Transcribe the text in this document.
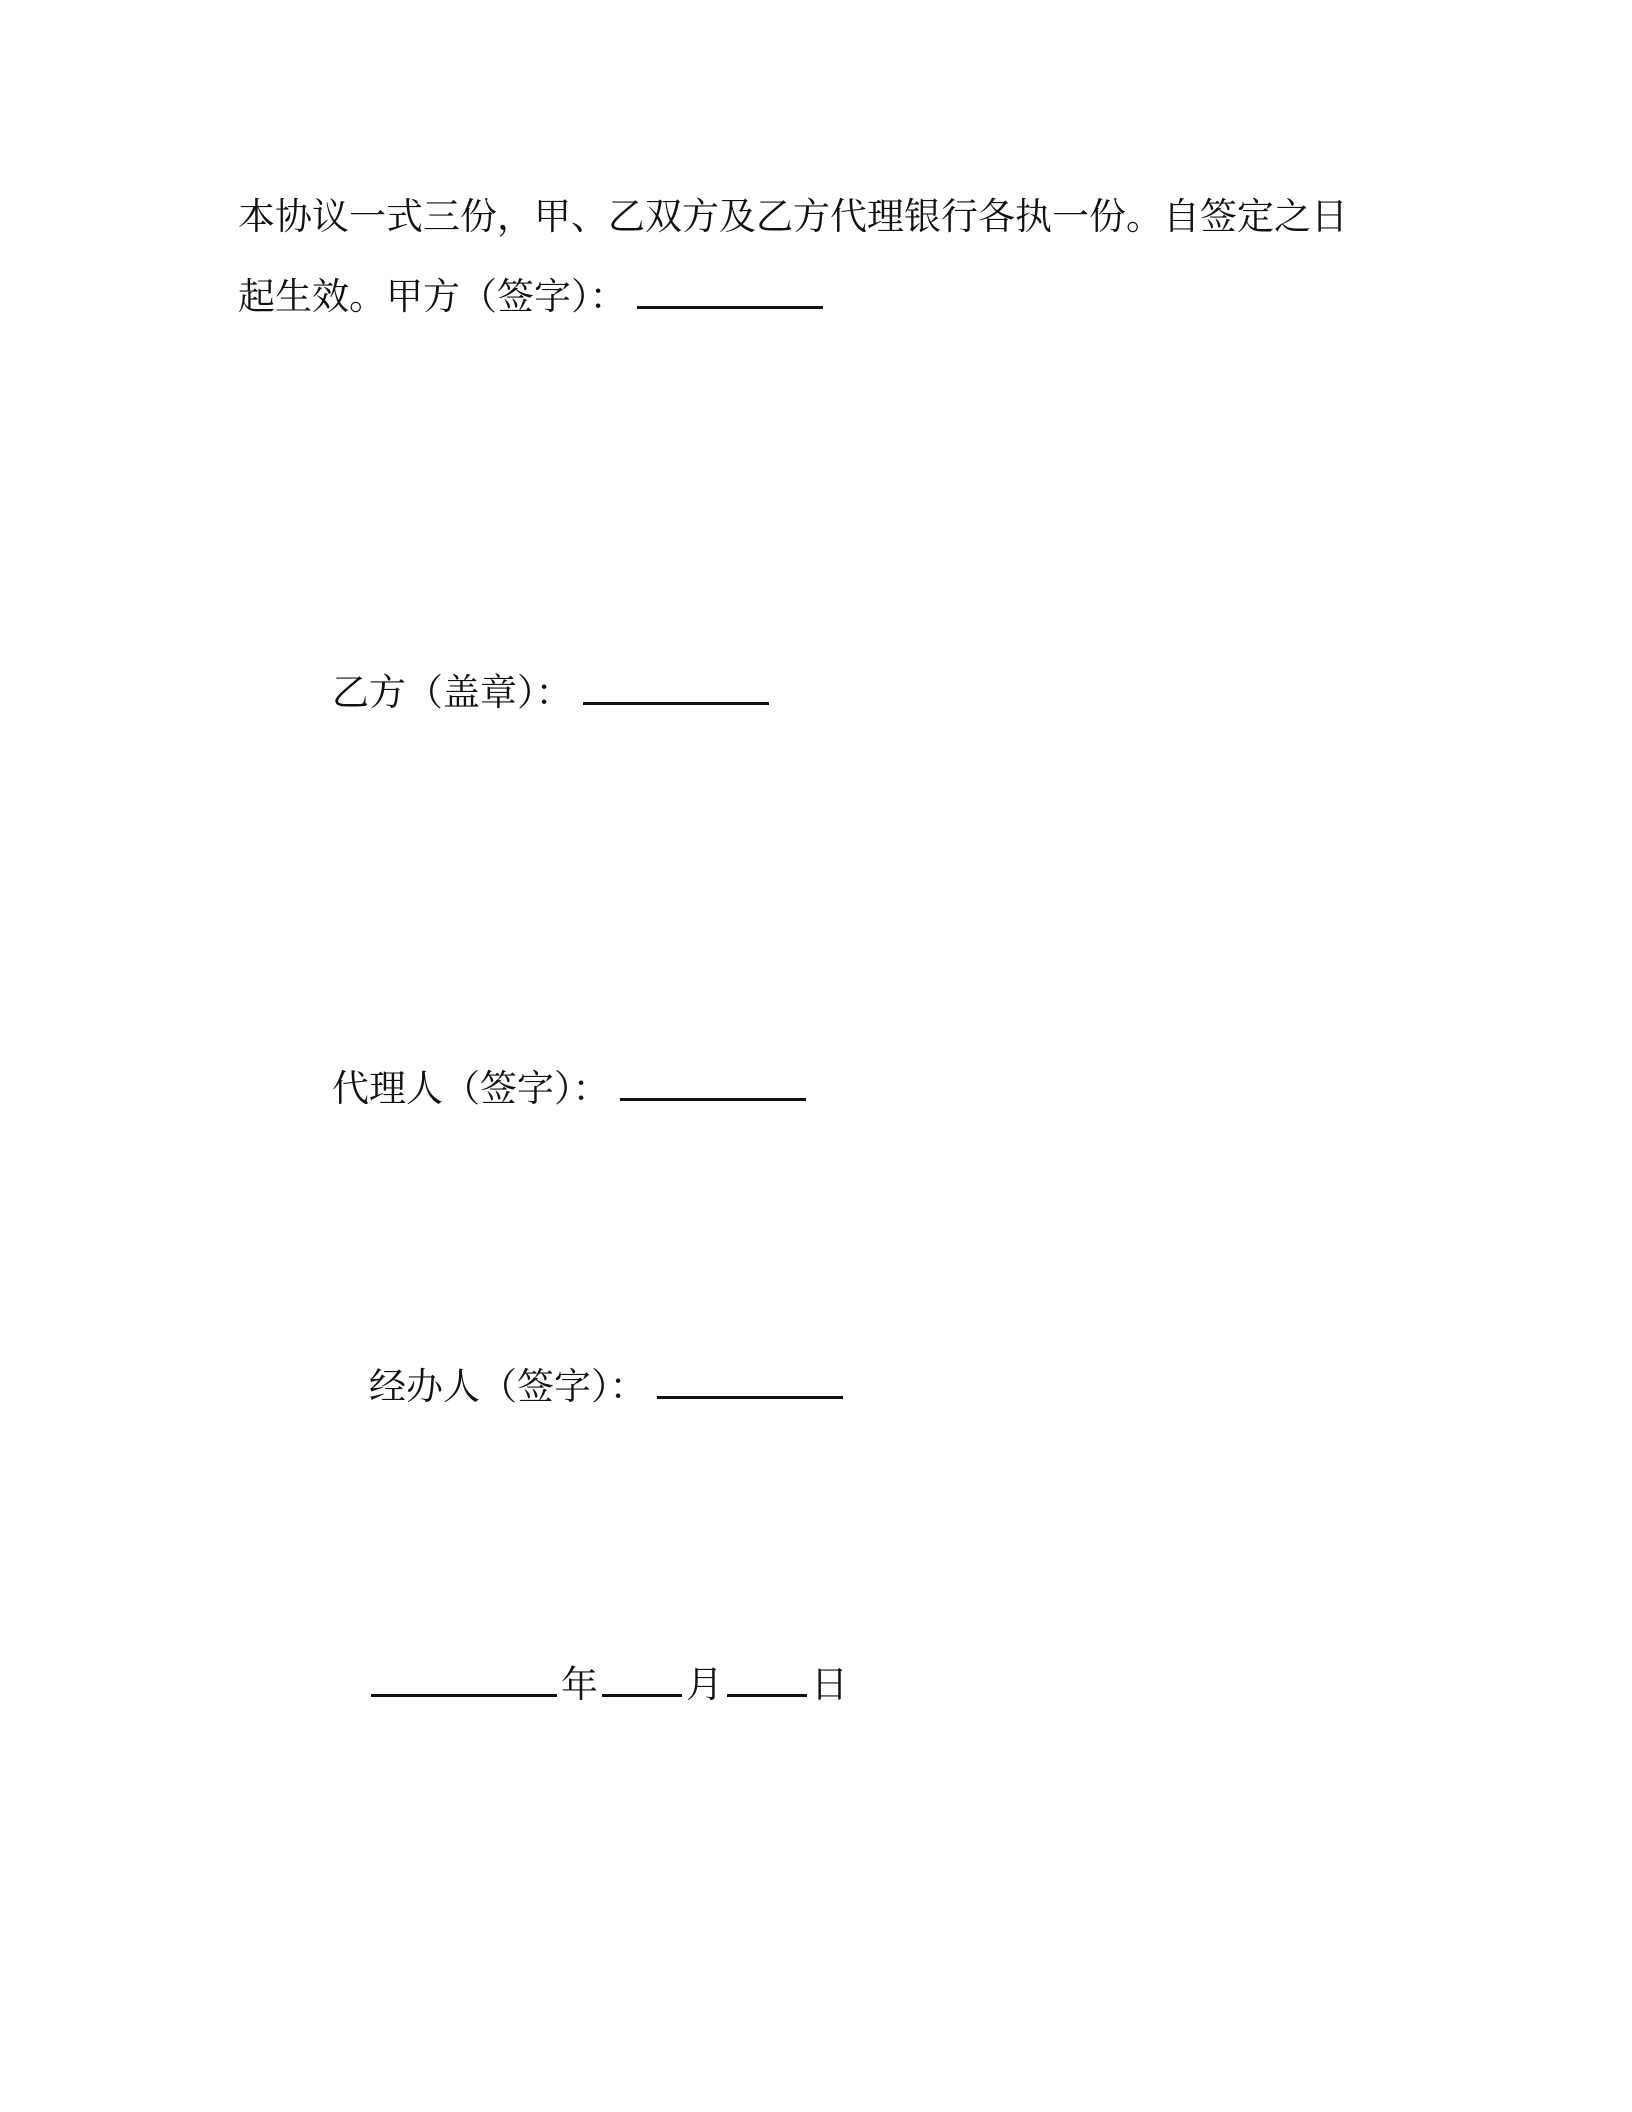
本协议一式三份，甲、乙双方及乙方代理银行各执一份。自签定之日
起生效。甲方（签字）：
乙方（盖章）：
代理人（签字）：
经办人（签字）：
年 月 日
